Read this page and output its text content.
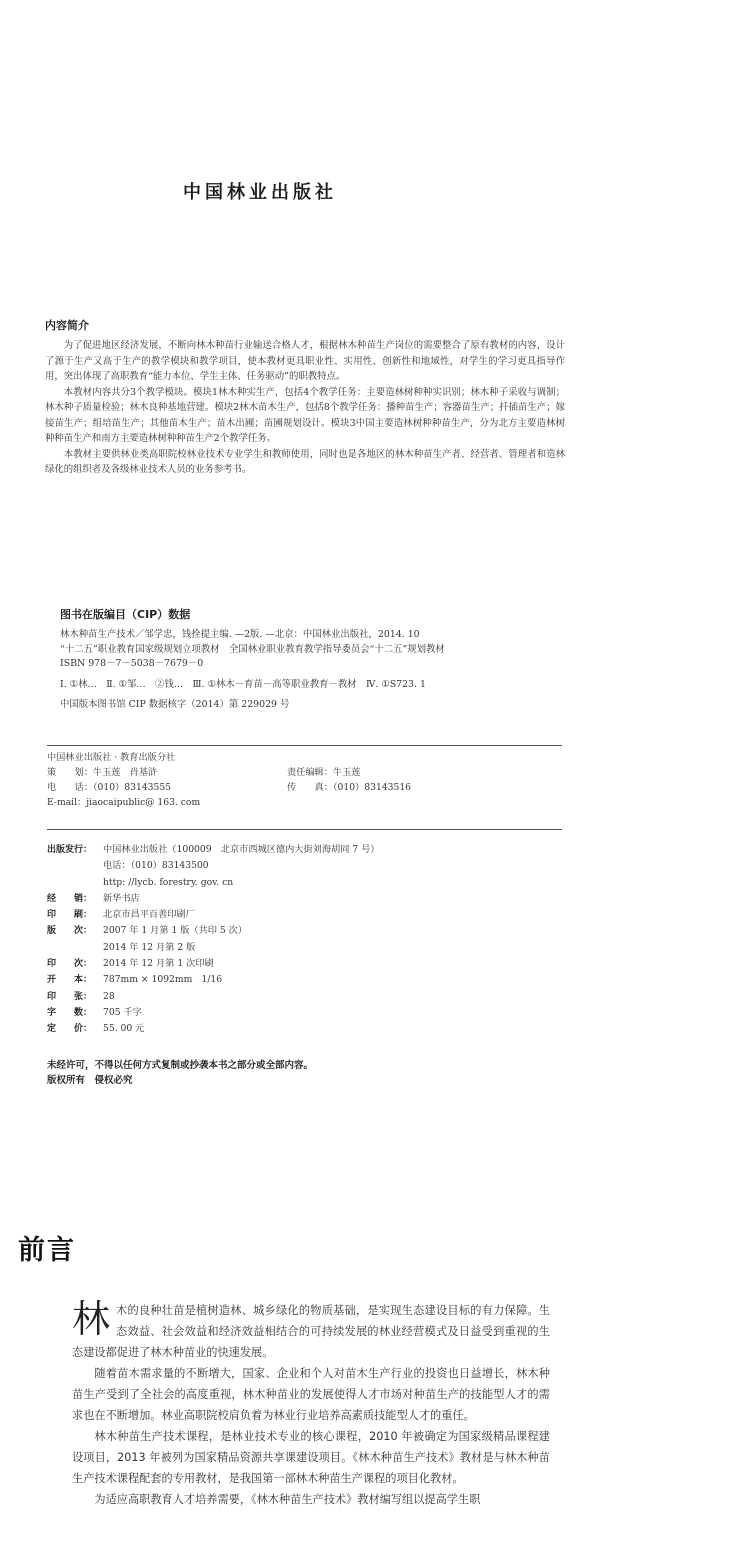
中国林业出版社
内容简介

为了促进地区经济发展，不断向林木种苗行业输送合格人才，根据林木种苗生产岗位的需要整合了原有教材的内容，设计了源于生产又高于生产的教学模块和教学项目，使本教材更具职业性、实用性、创新性和地域性，对学生的学习更具指导作用，突出体现了高职教育“能力本位、学生主体、任务驱动”的职教特点。

本教材内容共分3个教学模块。模块1林木种实生产，包括4个教学任务：主要造林树种种实识别；林木种子采收与调制；林木种子质量检验；林木良种基地营建。模块2林木苗木生产，包括8个教学任务：播种苗生产；容器苗生产；扦插苗生产；嫁接苗生产；组培苗生产；其他苗木生产；苗木出圃；苗圃规划设计。模块3中国主要造林树种种苗生产，分为北方主要造林树种种苗生产和南方主要造林树种种苗生产2个教学任务。

本教材主要供林业类高职院校林业技术专业学生和教师使用，同时也是各地区的林木种苗生产者、经营者、管理者和造林绿化的组织者及各级林业技术人员的业务参考书。

图书在版编目（CIP）数据
林木种苗生产技术／邹学忠，钱拴提主编. —2版. —北京：中国林业出版社，2014. 10
“十二五”职业教育国家级规划立项教材　全国林业职业教育教学指导委员会“十二五”规划教材
ISBN 978－7－5038－7679－0
Ⅰ. ①林…　Ⅱ. ①邹…　②钱…　Ⅲ. ①林木－育苗－高等职业教育－教材　Ⅳ. ①S723. 1
中国版本图书馆 CIP 数据核字（2014）第 229029 号
中国林业出版社 · 教育出版分社
策　　划：牛玉莲　肖基浒	责任编辑：牛玉莲
电　　话：（010）83143555	传　　真：（010）83143516
E-mail：jiaocaipublic@ 163. com
出版发行：	中国林业出版社（100009　北京市西城区德内大街刘海胡同 7 号）
电话：（010）83143500
http: //lycb. forestry. gov. cn
经　　销：	新华书店
印　　刷：	北京市昌平百善印刷厂
版　　次：	2007 年 1 月第 1 版（共印 5 次）
2014 年 12 月第 2 版
印　　次：	2014 年 12 月第 1 次印刷
开　　本：	787mm × 1092mm　1/16
印　　张：	28
字　　数：	705 千字
定　　价：	55. 00 元
未经许可，不得以任何方式复制或抄袭本书之部分或全部内容。
版权所有　侵权必究
前言

林木的良种壮苗是植树造林、城乡绿化的物质基础，是实现生态建设目标的有力保障。生态效益、社会效益和经济效益相结合的可持续发展的林业经营模式及日益受到重视的生态建设都促进了林木种苗业的快速发展。

随着苗木需求量的不断增大，国家、企业和个人对苗木生产行业的投资也日益增长，林木种苗生产受到了全社会的高度重视，林木种苗业的发展使得人才市场对种苗生产的技能型人才的需求也在不断增加。林业高职院校肩负着为林业行业培养高素质技能型人才的重任。

林木种苗生产技术课程，是林业技术专业的核心课程，2010 年被确定为国家级精品课程建设项目，2013 年被列为国家精品资源共享课建设项目。《林木种苗生产技术》教材是与林木种苗生产技术课程配套的专用教材，是我国第一部林木种苗生产课程的项目化教材。

为适应高职教育人才培养需要，《林木种苗生产技术》教材编写组以提高学生职
